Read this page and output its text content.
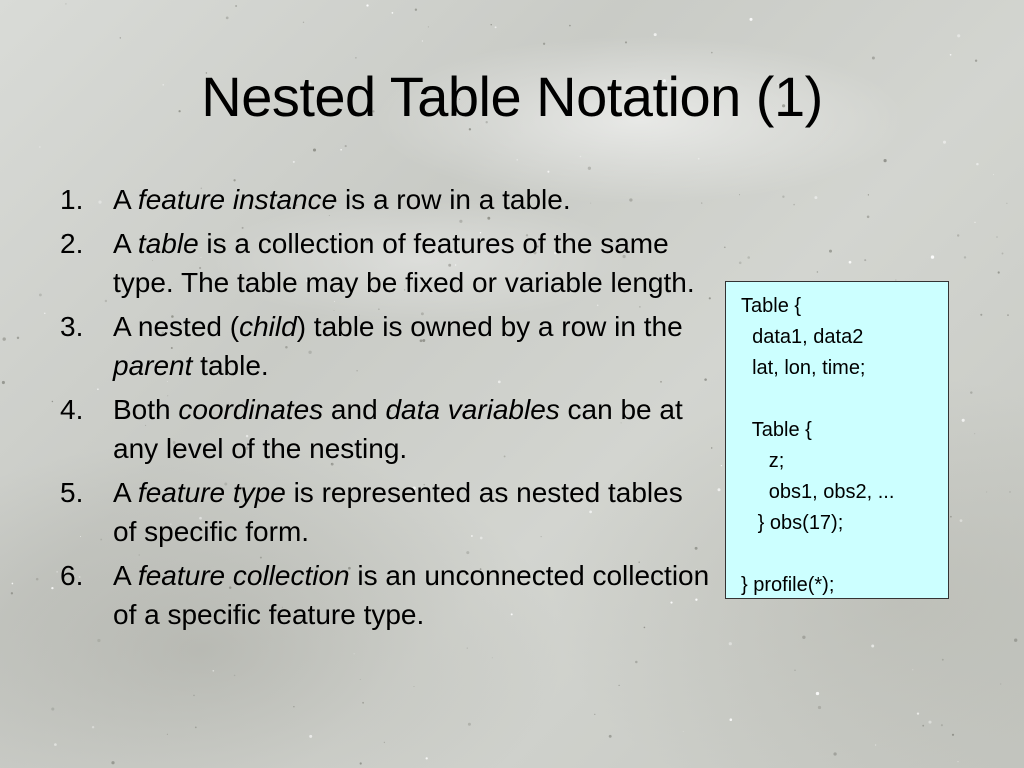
Nested Table Notation (1)
1. A feature instance is a row in a table.
2. A table is a collection of features of the same type. The table may be fixed or variable length.
3. A nested (child) table is owned by a row in the parent table.
4. Both coordinates and data variables can be at any level of the nesting.
5. A feature type is represented as nested tables of specific form.
6. A feature collection is an unconnected collection of a specific feature type.
Table {
data1, data2
lat, lon, time;
Table {
z;
obs1, obs2, ...
} obs(17);
} profile(*);
